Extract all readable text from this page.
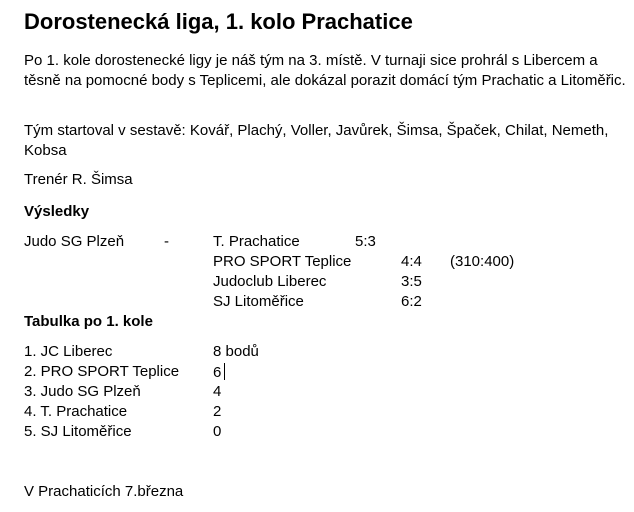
Dorostenecká liga, 1. kolo Prachatice
Po 1. kole dorostenecké ligy je náš tým na 3. místě. V turnaji sice prohrál s Libercem a těsně na pomocné body s Teplicemi, ale dokázal porazit domácí tým Prachatic a Litoměřic.
Tým startoval v sestavě: Kovář, Plachý, Voller, Javůrek, Šimsa, Špaček, Chilat, Nemeth, Kobsa
Trenér R. Šimsa
Výsledky
Judo SG Plzeň	-	T. Prachatice	5:3
PRO SPORT Teplice	4:4 (310:400)
Judoclub Liberec	3:5
SJ Litoměřice	6:2
Tabulka po 1. kole
1. JC Liberec	8 bodů
2. PRO SPORT Teplice 6
3. Judo SG Plzeň	4
4. T. Prachatice	2
5. SJ Litoměřice	0
V Prachaticích 7.března
